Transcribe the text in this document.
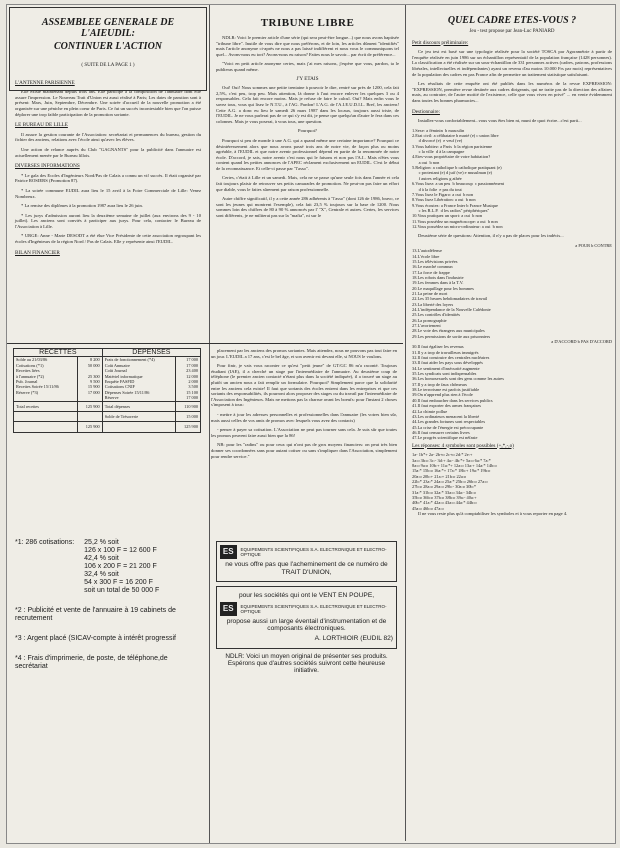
ASSEMBLEE GENERALE DE L'AIEUDIL:
CONTINUER L'ACTION
( SUITE DE LA PAGE 1 )
L'ANTENNE PARISIENNE

Elle existe maintenant depuis trois ans. Elle participe à la composition de l'annuaire dont elle assure l'impression. Le Nouveau Trait d'Union est aussi réalisé à Paris; Les dates de parution sont à présent: Mars, Juin, Septembre, Décembre. Une soirée d'accueil de la nouvelle promotion a été organisée sur une péniche en plein coeur de Paris. Ce fut un succès incontestable bien que l'on puisse déplorer une trop faible participation de la promotion sortante.

LE BUREAU DE LILLE

Il assure la gestion courante de l'Association: secrétariat et permanences du bureau, gestion du fichier des anciens, relations avec l'école ainsi qu'avec les élèves.

Une action de relance auprès du Club "GAGNANTS" pour la publicité dans l'annuaire est actuellement menée par le Bureau lillois.

DIVERSES INFORMATIONS

* Le gala des Ecoles d'Ingénieurs Nord/Pas de Calais a connu un vif succès. Il était organisé par Patrice ROSIERS (Promotion 87).

* La soirée commune EUDIL aura lieu le 15 avril à la Foire Commerciale de Lille: Venez Nombreux.

* La remise des diplômes à la promotion 1987 aura lieu le 26 juin.

* Les jurys d'admission auront lieu la deuxième semaine de juillet (aux environs des 9 - 10 juillet). Les anciens sont conviés à participer aux jurys. Pour cela, contacter le Bureau de l'Association à Lille.

* URGE: Anne - Marie DESODT a été élue Vice Présidente de cette association regroupant les écoles d'Ingénieurs de la région Nord / Pas de Calais. Elle y représente ainsi l'EUDIL.

BILAN FINANCIER
TRIBUNE LIBRE

NDLR: Voici le premier article d'une série (qui sera peut-être longue...) que nous avons baptisée "tribune libre". Inutile de vous dire que nous préférons, et de loin, les articles dûment "identifiés" mais l'article anonyme ci-après ne nous a pas laissé indifférent et nous vous le communiquons tel quel... Avons-nous eu tort? Avons-nous eu raison? Faites nous le savoir... par écrit de préférence...

"Voici en petit article anonyme certes, mais j'ai mes raisons, j'espère que vous, pardon, ta le publieras quand même.

J'Y ETAIS

Oui! Oui! Nous sommes une petite trentaine à pouvoir le dire, rentré sur près de 1200, cela fait 2,5%, c'est peu, trop peu. Mais attention, là donne à l'aut encore enlever les quelques 3 ou 4 responsables. Cela fait encore moins. Mais je refuse de faire le calcul. Oui? Mais enfin vous le savez tous, vous qui lisez le N.T.U., à l'AG. Pardon! L'A.G. de l'A.I.E.U.D.I.L. Bref, les anciens! Cette A.G. a donc eu lieu le samedi 26 mars 1987 dans les locaux, toujours aussi triste, de l'EUDIL. Je ne vous parlerai pas de ce qui s'y est dit, je pense que quelqu'un d'autre le fera dans ces colonnes. Mais je vous poserai, à vous tous, une question.

Pourquoi?

Pourquoi si peu de monde à une A.G. qui a quand même une certaine importance? Pourquoi ce désintéressement alors que nous avons passé trois ans de notre vie, de façon plus ou moins agréable, à l'EUDIL et que notre avenir professionnel dépend en partie de la renommée de notre école. D'accord, je sais, notre avenir c'est nous qui le faisons et non pas l'A.I.. Mais n'êtes vous content quand les petites annonces de l'APEC réclament exclusivement un EUDIL. C'est le début de la reconnaissance. Et celle-ci passe par "l'asso".

Certes, c'était à Lille et un samedi. Mais, cela ne se passe qu'une seule fois dans l'année et cela fait toujours plaisir de retrouver ses petits camarades de promotion. Ne peut-on pas faire un effort que diable, vous le faites sûrement par raison professionnelle.

Autre chiffre significatif, il y a cette année 286 adhérents à "l'asso" (dont 126 de 1986, bravo, ce sont les jeunes qui montrent l'exemple), cela fait 23,5 % toujours sur la base de 1200. Nous sommes loin des chiffres de 80 à 90 % annoncés par l' "X", Centrale et autres. Certes, les services sont différents, je ne militerai pas sur la "mafia", ni sur le

QUEL CADRE ETES-VOUS ?
Jeu - test propose par Jean-Luc PANIARD
Petit discours préliminaire:

Ce jeu test est basé sur une typologie réalisée pour la société TOSCA par Agoramétrie à partir de l'enquête réalisée en juin 1986 sur un échantillon représentatif de la population française (1428 personnes). La classification a été réalisée sur un sous-échantillon de 331 personnes actives (cadres, patrons, professions libérales, intellectuelles et indépendantes) ayant un revenu d'au moins 10.000 Frs par mois) représentatives de la population des cadres en pas France afin de permettre un traitement statistique satisfaisant.

Les résultats de cette enquête ont été publiés dans les numéros de la revue EXPRESSION: "EXPRESSION, première revue destinée aux cadres dirigeants, qui ne traite pas de la direction des affaires mais, au contraire, de l'autre moitié de l'existence, celle que vous vivez en privé" ... en vente évidemment dans toutes les bonnes pharmacies...

Destionnaire:

Installez-vous confortablement...vous vous êtes bien nt, muni de quoi écrire...c'est parti...

1.Sexe: a féminin  b masculin
2.Etat civil: a célibataire b marié (e) c union libre
d divorcé (e)  e veuf (ve)
3.Vous habitez: a Paris  b la région parisienne
c la ville  d à la campagne
4.Etes-vous propriétaire de votre habitation?
a oui  b non
5.Religion: a catholique b catholique pratiquant (e)
c protestant (e) d juif (ve) e musulman (e)
f autres religions g athée
6.Vous lisez: a un peu  b beaucoup  c passionnément
d à la folie  e pas du tout
7.Vous lisez le Figaro: a oui  b non
8.Vous lisez Libération: a oui  b non
9.Vous écoutez: a France Inter b France Musique
c les R.L.P.  d les radios" périphériques"
10.Vous pratiquez un sport: a oui  b non
11.Vous possédez un magnétoscope: a oui  b non
12.Vous possédez un micro-ordinateur: a oui  b non

Deuxième série de questions: Attention, il n'y a pas de places pour les indécis...

a POUR b CONTRE
13.L'autodéfense
14.L'école libre
15.Les télévisions privées
16.Le marché commun
17.La force de frappe
18.Les robots dans l'industrie
19.Les femmes dans à la T.V.
20.Le maquillage pour les hommes
21.La peine de mort
22.Les 35 heures hebdomadaires de travail
23.La liberté des loyers
24.L'indépendance de la Nouvelle Calédonie
25.Les contrôles d'identités
26.La pornographie
27.L'avortement
28.Le vote des étrangers aux municipales
29.Les permissions de sortie aux prisonniers
a D'ACCORD b PAS D'ACCORD
30.Il faut égaliser les revenus
31.Il y a trop de travailleurs immigrés
32.Il faut construire des centrales nucléaires
33.Il faut aider les pays sous développés
34.Le sentiment d'insécurité augmente
35.Les syndicats sont indispensables
36.Les homosexuels sont des gens comme les autres
37.Il y a trop de faux chômeurs
38.Le terrorisme est parfois justifiable
39.On n'apprend plus rien à l'école
40.Il faut embaucher dans les services publics
41.Il faut exporter des armes françaises
42.La chimie pollue
43.Les ordinateurs menacent la liberté
44.Les grandes fortunes sont respectables
45.La crise de l'énergie est préoccupante
46.Il faut censurer certains livres
47.Le progrès scientifique est néfaste
Les réponses: 4 symboles sont possibles (+,*,-,o)
1a- 1b*+ 2a- 2b+o 2c+o 2d:* 2e:+
3a:o 3b:o 3c:- 3d:+ 4a:- 4b:*+ 5a:o 6a:* 7a:*
8a:o 9a:o 10b:+ 11a:*+ 12a:o 13a:+ 14a:* 14b:o
15a:* 15b:o 16a:*+ 17a:* 18b:+ 19a:* 19b:o
20a:o 20b:+ 21a:+ 21b:o 22a:o
22b:* 23a:* 24a:o 25a:* 25b:o 26b:o 27a:o
27b:o 28a:o 29a:o 29b:- 30a:o 30b:*
31a:* 31b:o 32a:* 33a:o 34a:- 34b:o
35b:o 36b:o 37b:o 38b:o 39a:- 40a:+
40b:* 41a:* 42a:o 43a:o 44a:* 44b:o
45a:o 46b:o 47a:o

Il ne vous reste plus qu'à comptabiliser les symboles et à vous reporter en page 4.

RECETTES		DEPENSES	
Solde au 21/03/86	8 200	Frais de fonctionnement (*4)	17 000
Cotisations (*1)	50 000	Coût Annuaire	17 000
Recettes liées		Coût Journal	23 400
à l'annuaire (*2)	25 300	Matériel informatique	12 000
Pub. Journal	9 500	Enquête FASFID	2 000
Recettes Soirée 15/11/86	15 900	Cotisations CNIF	3 500
Réserve (*3)	17 000	Dépenses Soirée 15/11/86	15 100
		Réserve	17 000
Total recettes	125 900	Total dépenses	110 900
		Solde de Trésorerie	15 000
	125 900		125 900

placement par les anciens des promos sortantes. Mais attendez, nous ne pouvons pas tout faire en un jour. L'EUDIL a 17 ans, c'est le bel âge, et son avenir est devant elle, si NOUS le voulons.

Pour finir, je vais vous raconter ce qu'est "petit jeune" de GT/GC 86 m'a raconté. Toujours étudiant (IAE), il a cherché un stage par l'intermédiaire de l'annuaire. Au deuxième coup de téléphone (le premier ancien contacté n'étant plus dans la société indiquée), il a trouvé un stage au plutôt un ancien nous a fait remplir un formulaire. Pourquoi? Simplement parce que la solidarité entre les anciens cela existe! Il faut que sortants des écoles entrent dans les entreprises et que ces sortants des responsabilités, ils pourront alors proposer des stages ou du travail par l'intermédiaire de l'Association des Ingénieurs. Mais ne mettons pas la charrue avant les boeufs: pour l'instant 2 choses s'imposent à tous:

- mettre à jour les adresses personnelles et professionnelles dans l'annuaire (les votres bien sûr, mais aussi celles de vos amis de promos avec lesquels vous avez des contacts)

- penser à payer sa cotisation. L'Association ne peut pas tourner sans cela. Je suis sûr que toutes les promos peuvent faire aussi bien que la 86!

NB: pour les "radins" ou pour ceux qui n'ont pas de gros moyens financiers: on peut très bien donner ses coordonnées sans pour autant cotiser ou sans s'impliquer dans l'Association, simplement pour rendre service."

*1: 286 cotisations: 25,2 % soit
126 x 100 F = 12 600 F
42,4 % soit
106 x 200 F = 21 200 F
32,4 % soit
54 x 300 F = 16 200 F
soit un total de 50 000 F
*2 : Publicité et vente de l'annuaire à 19 cabinets de recrutement
*3 : Argent placé (SICAV-compte à intérêt progressif
*4 : Frais d'imprimerie, de poste, de téléphone,de secrétariat
ES	EQUIPEMENTS SCIENTIFIQUES S.A. ELECTRONIQUE ET ELECTRO-OPTIQUE
ne vous offre pas que l'acheminement de ce numéro de TRAIT D'UNION,
pour les sociétés qui ont le VENT EN POUPE,
ES	EQUIPEMENTS SCIENTIFIQUES S.A. ELECTRONIQUE ET ELECTRO-OPTIQUE
propose aussi un large éventail d'instrumentation et de composants électroniques.
A. LORTHIOIR (EUDIL 82)
NDLR: Voici un moyen original de présenter ses produits. Espérons que d'autres sociétés suivront cette heureuse initiative.
